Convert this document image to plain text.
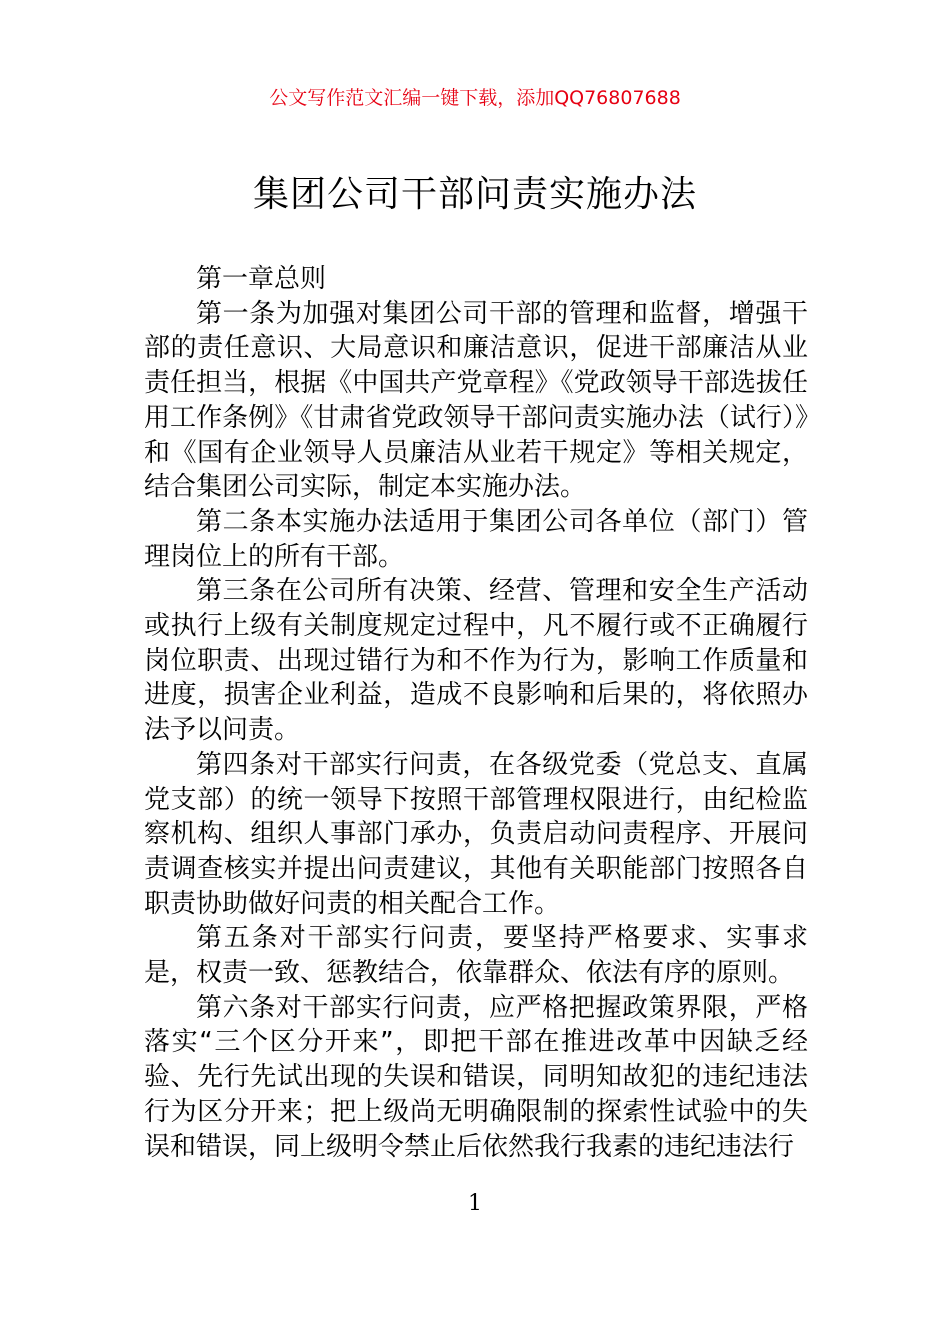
公文写作范文汇编一键下载，添加QQ76807688
集团公司干部问责实施办法

第一章总则

第一条为加强对集团公司干部的管理和监督，增强干部的责任意识、大局意识和廉洁意识，促进干部廉洁从业责任担当，根据《中国共产党章程》《党政领导干部选拔任用工作条例》《甘肃省党政领导干部问责实施办法（试行）》和《国有企业领导人员廉洁从业若干规定》等相关规定，结合集团公司实际，制定本实施办法。

第二条本实施办法适用于集团公司各单位（部门）管理岗位上的所有干部。

第三条在公司所有决策、经营、管理和安全生产活动或执行上级有关制度规定过程中，凡不履行或不正确履行岗位职责、出现过错行为和不作为行为，影响工作质量和进度，损害企业利益，造成不良影响和后果的，将依照办法予以问责。

第四条对干部实行问责，在各级党委（党总支、直属党支部）的统一领导下按照干部管理权限进行，由纪检监察机构、组织人事部门承办，负责启动问责程序、开展问责调查核实并提出问责建议，其他有关职能部门按照各自职责协助做好问责的相关配合工作。

第五条对干部实行问责，要坚持严格要求、实事求是，权责一致、惩教结合，依靠群众、依法有序的原则。

第六条对干部实行问责，应严格把握政策界限，严格落实“三个区分开来”，即把干部在推进改革中因缺乏经验、先行先试出现的失误和错误，同明知故犯的违纪违法行为区分开来；把上级尚无明确限制的探索性试验中的失误和错误，同上级明令禁止后依然我行我素的违纪违法行

1
